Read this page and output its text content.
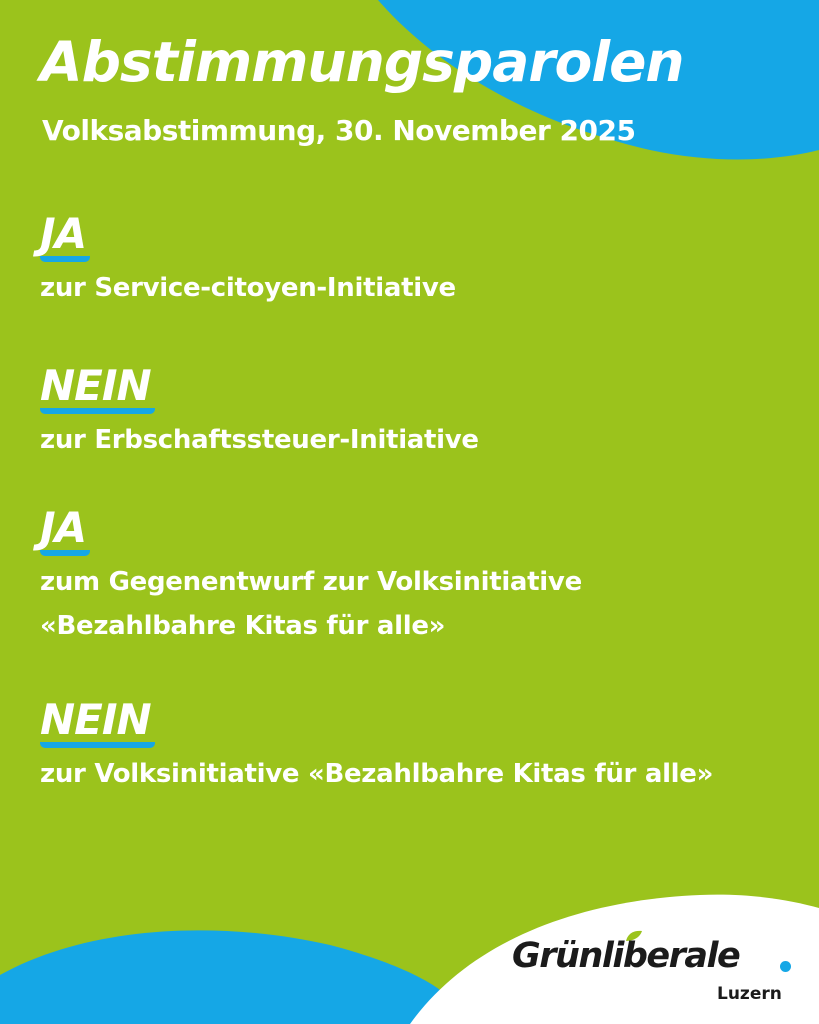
Abstimmungsparolen

Volksabstimmung, 30. November 2025

JA
zur Service-citoyen-Initiative
NEIN
zur Erbschaftssteuer-Initiative
JA
zum Gegenentwurf zur Volksinitiative
«Bezahlbahre Kitas für alle»
NEIN
zur Volksinitiative «Bezahlbahre Kitas für alle»
Grünliberale
Luzern
